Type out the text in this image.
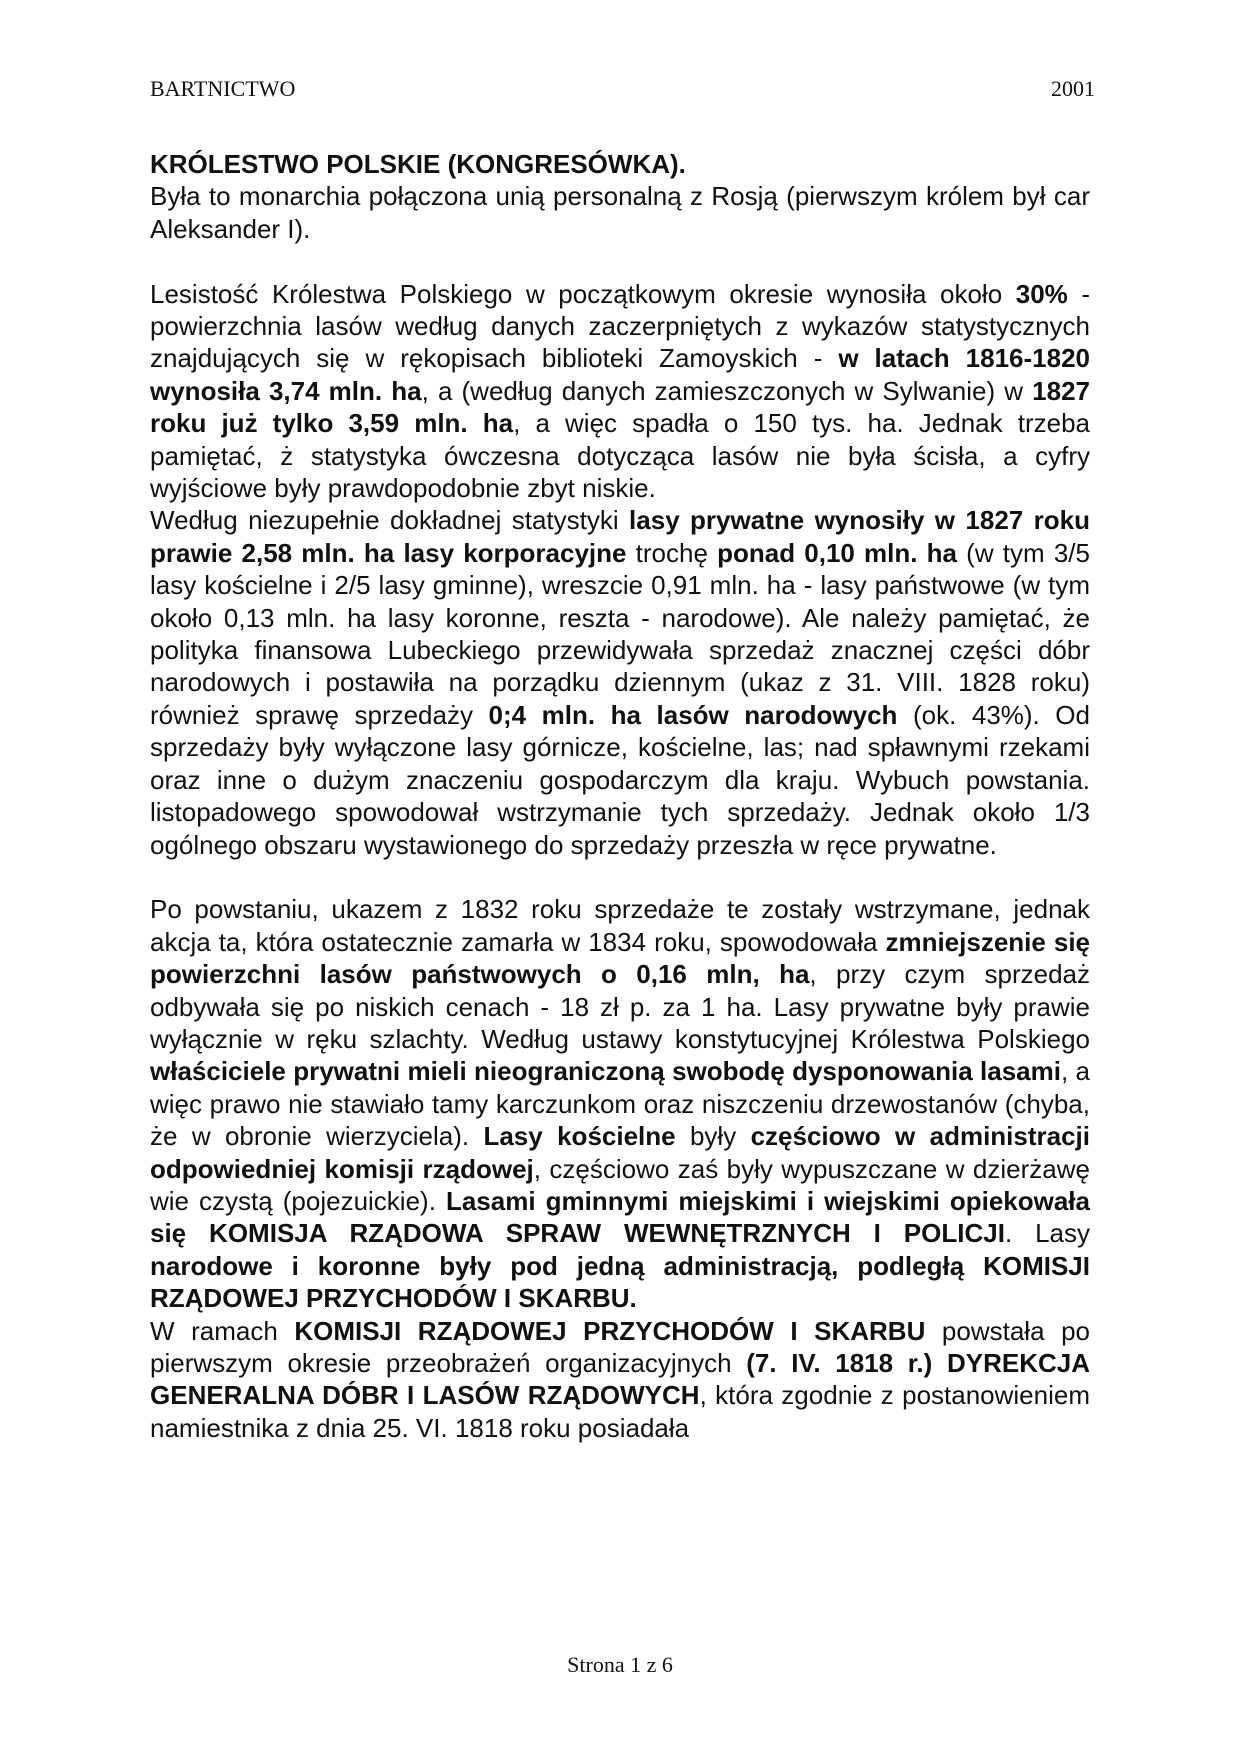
BARTNICTWO	2001

KRÓLESTWO POLSKIE (KONGRESÓWKA).

Była to monarchia połączona unią personalną z Rosją (pierwszym królem był car Aleksander I).

Lesistość Królestwa Polskiego w początkowym okresie wynosiła około 30% - powierzchnia lasów według danych zaczerpniętych z wykazów statystycznych znajdujących się w rękopisach biblioteki Zamoyskich - w latach 1816-1820 wynosiła 3,74 mln. ha, a (według danych zamieszczonych w Sylwanie) w 1827 roku już tylko 3,59 mln. ha, a więc spadła o 150 tys. ha. Jednak trzeba pamiętać, ż statystyka ówczesna dotycząca lasów nie była ścisła, a cyfry wyjściowe były prawdopodobnie zbyt niskie.

Według niezupełnie dokładnej statystyki lasy prywatne wynosiły w 1827 roku prawie 2,58 mln. ha lasy korporacyjne trochę ponad 0,10 mln. ha (w tym 3/5 lasy kościelne i 2/5 lasy gminne), wreszcie 0,91 mln. ha - lasy państwowe (w tym około 0,13 mln. ha lasy koronne, reszta - narodowe). Ale należy pamiętać, że polityka finansowa Lubeckiego przewidywała sprzedaż znacznej części dóbr narodowych i postawiła na porządku dziennym (ukaz z 31. VIII. 1828 roku) również sprawę sprzedaży 0;4 mln. ha lasów narodowych (ok. 43%). Od sprzedaży były wyłączone lasy górnicze, kościelne, las; nad spławnymi rzekami oraz inne o dużym znaczeniu gospodarczym dla kraju. Wybuch powstania. listopadowego spowodował wstrzymanie tych sprzedaży. Jednak około 1/3 ogólnego obszaru wystawionego do sprzedaży przeszła w ręce prywatne.

Po powstaniu, ukazem z 1832 roku sprzedaże te zostały wstrzymane, jednak akcja ta, która ostatecznie zamarła w 1834 roku, spowodowała zmniejszenie się powierzchni lasów państwowych o 0,16 mln, ha, przy czym sprzedaż odbywała się po niskich cenach - 18 zł p. za 1 ha. Lasy prywatne były prawie wyłącznie w ręku szlachty. Według ustawy konstytucyjnej Królestwa Polskiego właściciele prywatni mieli nieograniczoną swobodę dysponowania lasami, a więc prawo nie stawiało tamy karczunkom oraz niszczeniu drzewostanów (chyba, że w obronie wierzyciela). Lasy kościelne były częściowo w administracji odpowiedniej komisji rządowej, częściowo zaś były wypuszczane w dzierżawę wie czystą (pojezuickie). Lasami gminnymi miejskimi i wiejskimi opiekowała się KOMISJA RZĄDOWA SPRAW WEWNĘTRZNYCH I POLICJI. Lasy narodowe i koronne były pod jedną administracją, podległą KOMISJI RZĄDOWEJ PRZYCHODÓW I SKARBU.

W ramach KOMISJI RZĄDOWEJ PRZYCHODÓW I SKARBU powstała po pierwszym okresie przeobrażeń organizacyjnych (7. IV. 1818 r.) DYREKCJA GENERALNA DÓBR I LASÓW RZĄDOWYCH, która zgodnie z postanowieniem namiestnika z dnia 25. VI. 1818 roku posiadała

Strona 1 z 6
